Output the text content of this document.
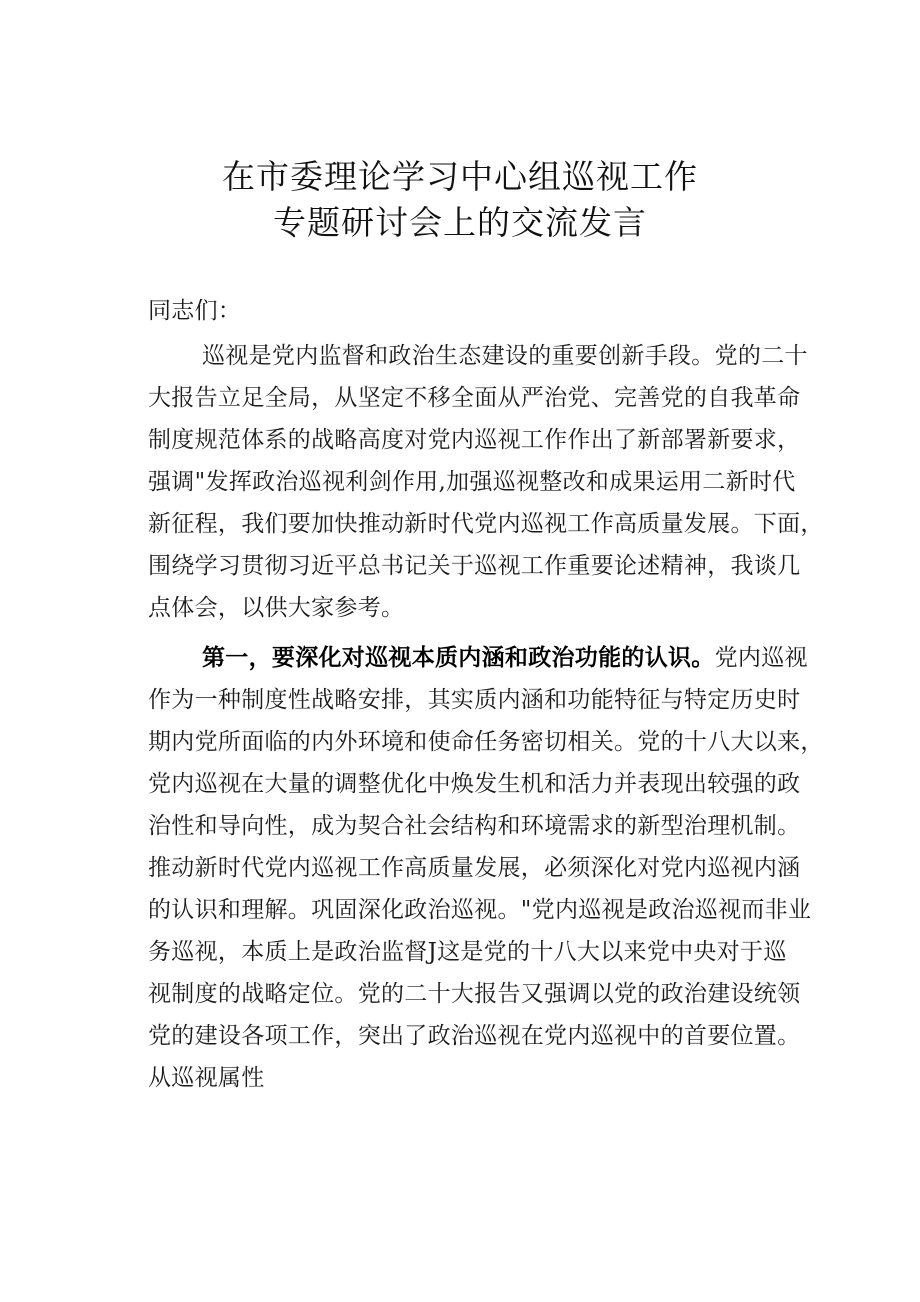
在市委理论学习中心组巡视工作
专题研讨会上的交流发言
同志们：
巡视是党内监督和政治生态建设的重要创新手段。党的二十
大报告立足全局，从坚定不移全面从严治党、完善党的自我革命
制度规范体系的战略高度对党内巡视工作作出了新部署新要求，
强调"发挥政治巡视利剑作用,加强巡视整改和成果运用二新时代
新征程，我们要加快推动新时代党内巡视工作高质量发展。下面，
围绕学习贯彻习近平总书记关于巡视工作重要论述精神，我谈几
点体会，以供大家参考。
第一，要深化对巡视本质内涵和政治功能的认识。党内巡视
作为一种制度性战略安排，其实质内涵和功能特征与特定历史时
期内党所面临的内外环境和使命任务密切相关。党的十八大以来，
党内巡视在大量的调整优化中焕发生机和活力并表现出较强的政
治性和导向性，成为契合社会结构和环境需求的新型治理机制。
推动新时代党内巡视工作高质量发展，必须深化对党内巡视内涵
的认识和理解。巩固深化政治巡视。"党内巡视是政治巡视而非业
务巡视，本质上是政治监督J这是党的十八大以来党中央对于巡
视制度的战略定位。党的二十大报告又强调以党的政治建设统领
党的建设各项工作，突出了政治巡视在党内巡视中的首要位置。
从巡视属性
